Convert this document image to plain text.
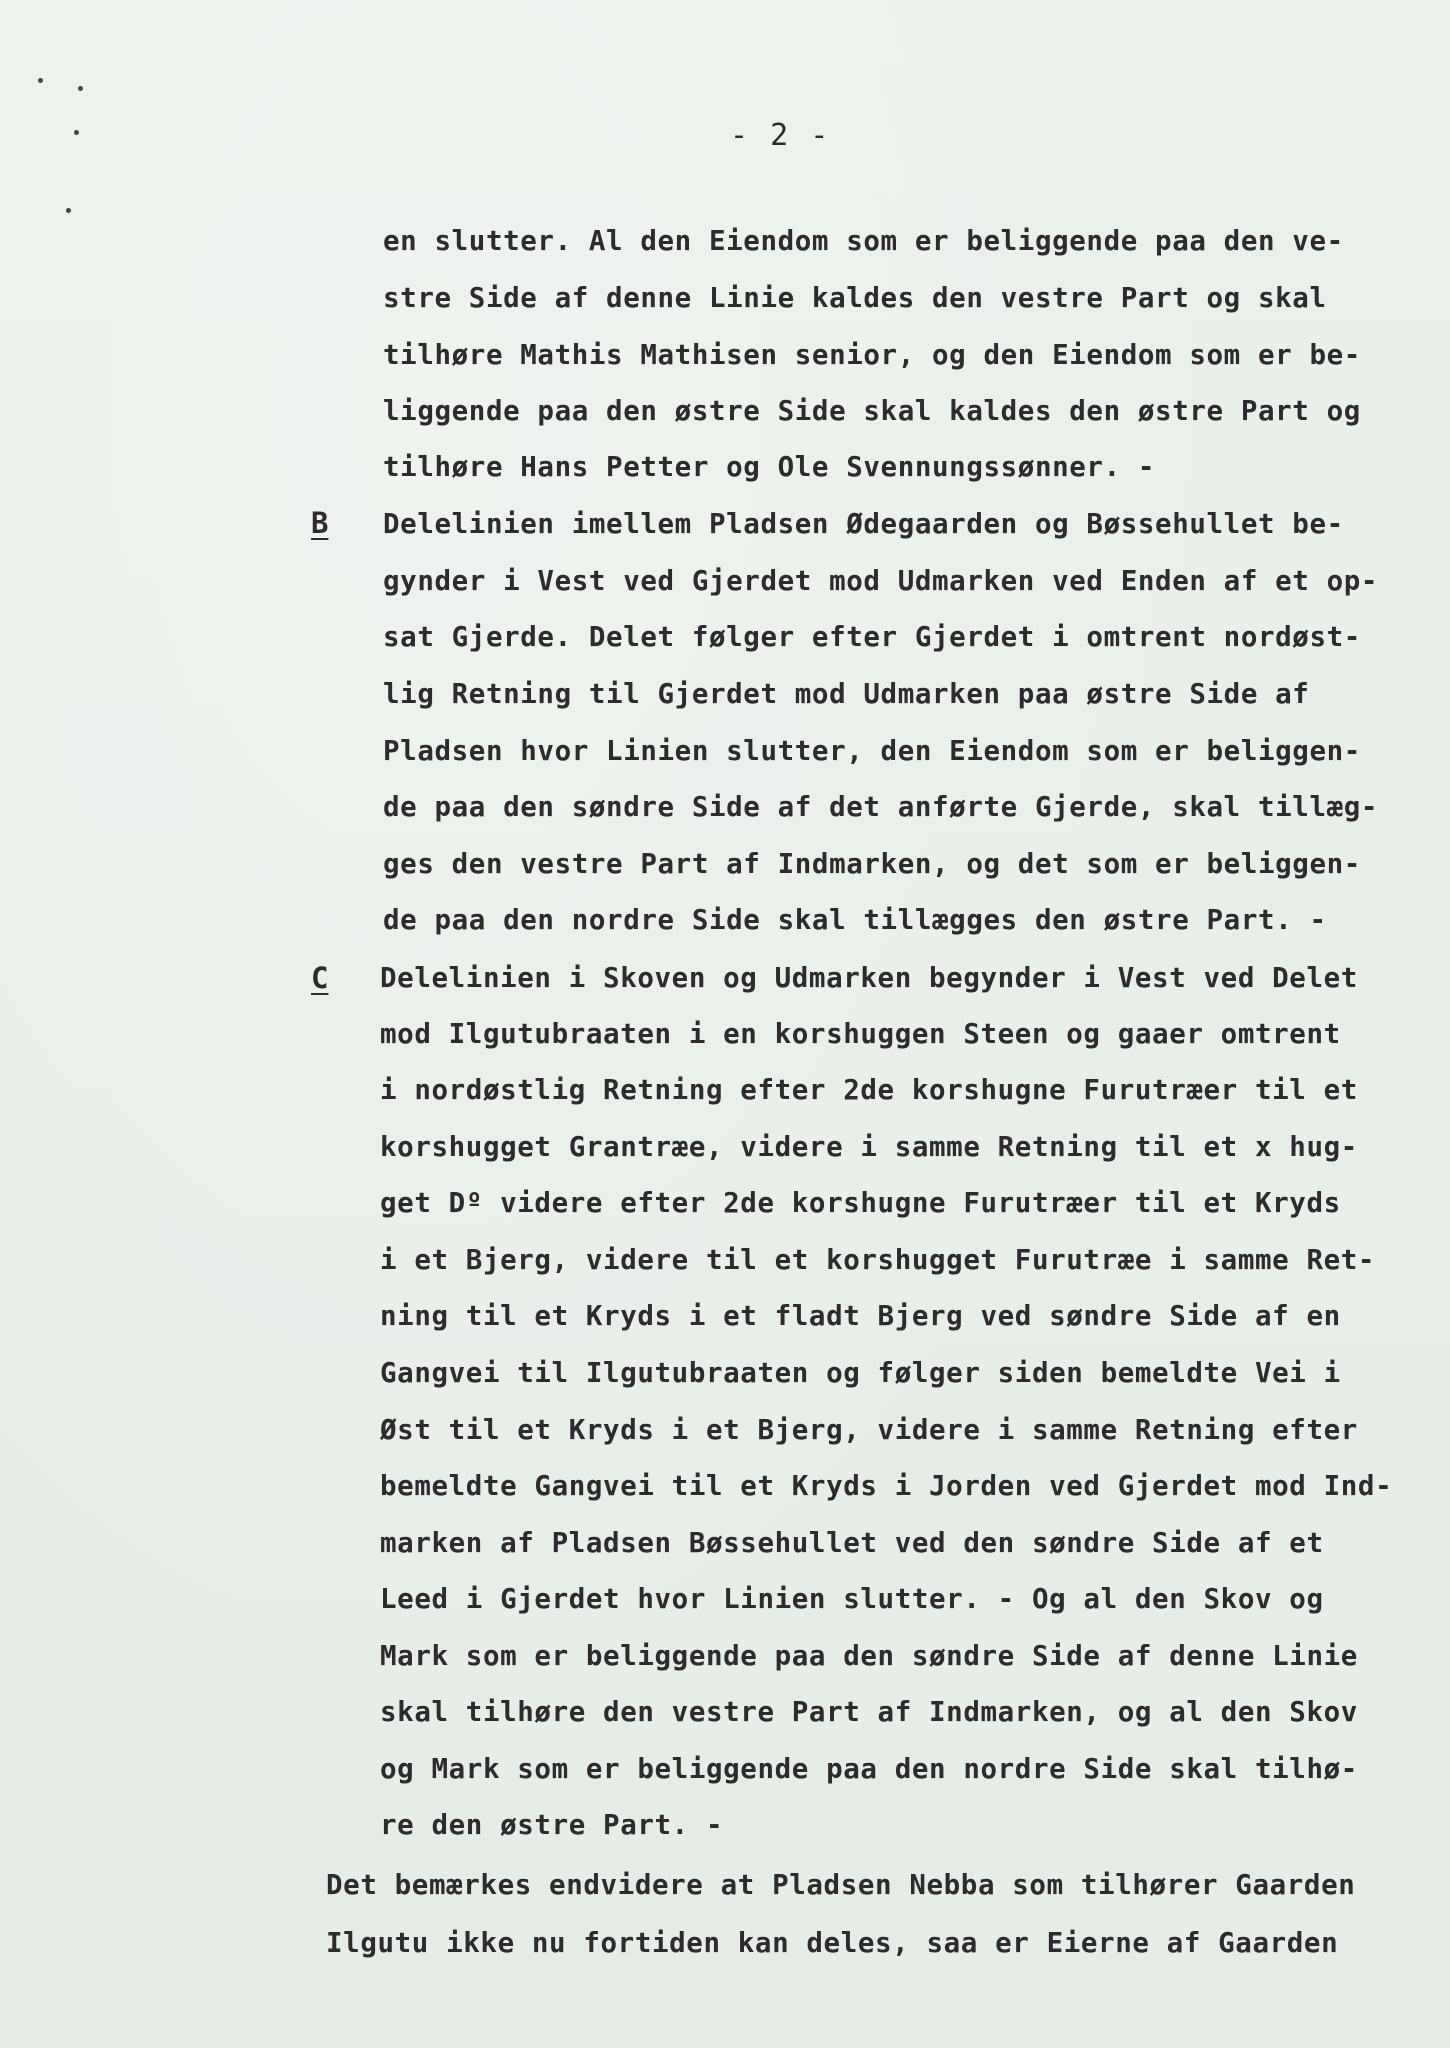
- 2 -
en slutter. Al den Eiendom som er beliggende paa den ve-
stre Side af denne Linie kaldes den vestre Part og skal
tilhøre Mathis Mathisen senior, og den Eiendom som er be-
liggende paa den østre Side skal kaldes den østre Part og
tilhøre Hans Petter og Ole Svennungssønner. -
B Delelinien imellem Pladsen Ødegaarden og Bøssehullet be-
gynder i Vest ved Gjerdet mod Udmarken ved Enden af et op-
sat Gjerde. Delet følger efter Gjerdet i omtrent nordøst-
lig Retning til Gjerdet mod Udmarken paa østre Side af
Pladsen hvor Linien slutter, den Eiendom som er beliggen-
de paa den søndre Side af det anførte Gjerde, skal tillæg-
ges den vestre Part af Indmarken, og det som er beliggen-
de paa den nordre Side skal tillægges den østre Part. -
C Delelinien i Skoven og Udmarken begynder i Vest ved Delet
mod Ilgutubraaten i en korshuggen Steen og gaaer omtrent
i nordøstlig Retning efter 2de korshugne Furutræer til et
korshugget Grantræe, videre i samme Retning til et x hug-
get Dº videre efter 2de korshugne Furutræer til et Kryds
i et Bjerg, videre til et korshugget Furutræe i samme Ret-
ning til et Kryds i et fladt Bjerg ved søndre Side af en
Gangvei til Ilgutubraaten og følger siden bemeldte Vei i
Øst til et Kryds i et Bjerg, videre i samme Retning efter
bemeldte Gangvei til et Kryds i Jorden ved Gjerdet mod Ind-
marken af Pladsen Bøssehullet ved den søndre Side af et
Leed i Gjerdet hvor Linien slutter. - Og al den Skov og
Mark som er beliggende paa den søndre Side af denne Linie
skal tilhøre den vestre Part af Indmarken, og al den Skov
og Mark som er beliggende paa den nordre Side skal tilhø-
re den østre Part. -
Det bemærkes endvidere at Pladsen Nebba som tilhører Gaarden
Ilgutu ikke nu fortiden kan deles, saa er Eierne af Gaarden
